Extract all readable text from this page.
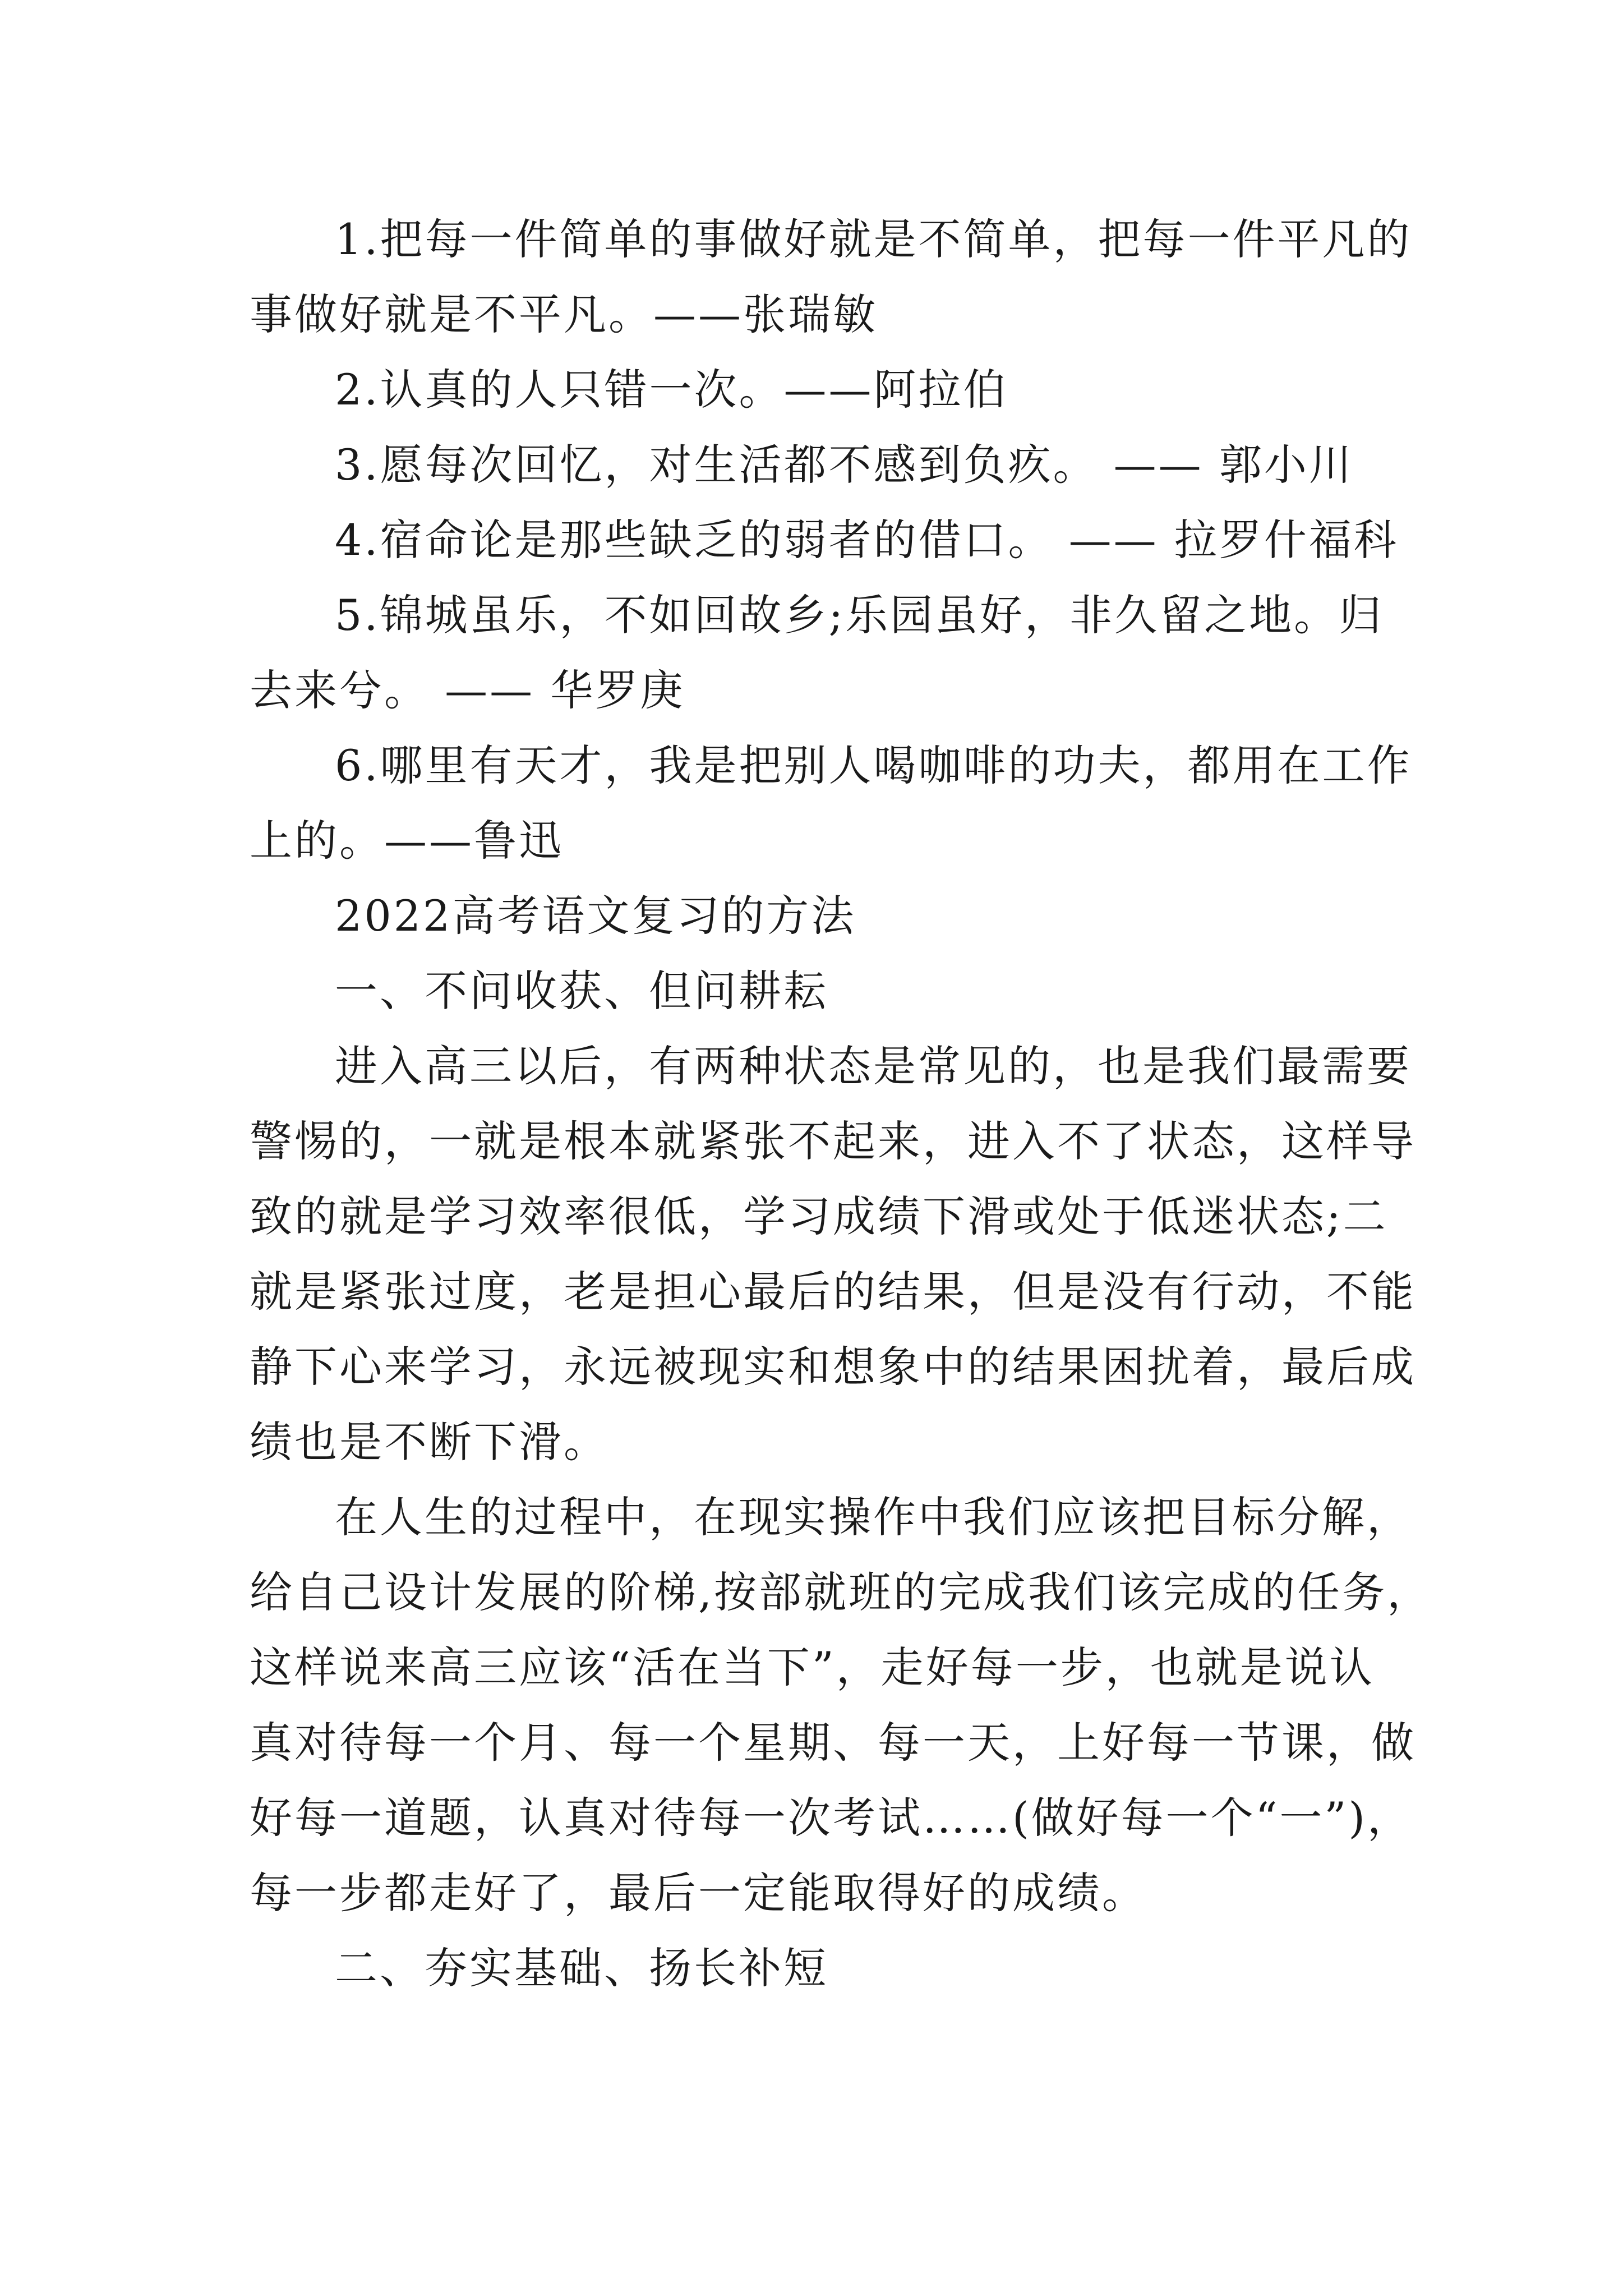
1.把每一件简单的事做好就是不简单，把每一件平凡的
事做好就是不平凡。——张瑞敏

2.认真的人只错一次。——阿拉伯

3.愿每次回忆，对生活都不感到负疚。 —— 郭小川

4.宿命论是那些缺乏的弱者的借口。 —— 拉罗什福科

5.锦城虽乐，不如回故乡;乐园虽好，非久留之地。归
去来兮。 —— 华罗庚

6.哪里有天才，我是把别人喝咖啡的功夫，都用在工作
上的。——鲁迅

2022高考语文复习的方法

一、不问收获、但问耕耘

进入高三以后，有两种状态是常见的，也是我们最需要
警惕的，一就是根本就紧张不起来，进入不了状态，这样导
致的就是学习效率很低，学习成绩下滑或处于低迷状态;二
就是紧张过度，老是担心最后的结果，但是没有行动，不能
静下心来学习，永远被现实和想象中的结果困扰着，最后成
绩也是不断下滑。

在人生的过程中，在现实操作中我们应该把目标分解，
给自己设计发展的阶梯,按部就班的完成我们该完成的任务，
这样说来高三应该“活在当下”，走好每一步，也就是说认
真对待每一个月、每一个星期、每一天，上好每一节课，做
好每一道题，认真对待每一次考试……(做好每一个“一”)，
每一步都走好了，最后一定能取得好的成绩。

二、夯实基础、扬长补短
